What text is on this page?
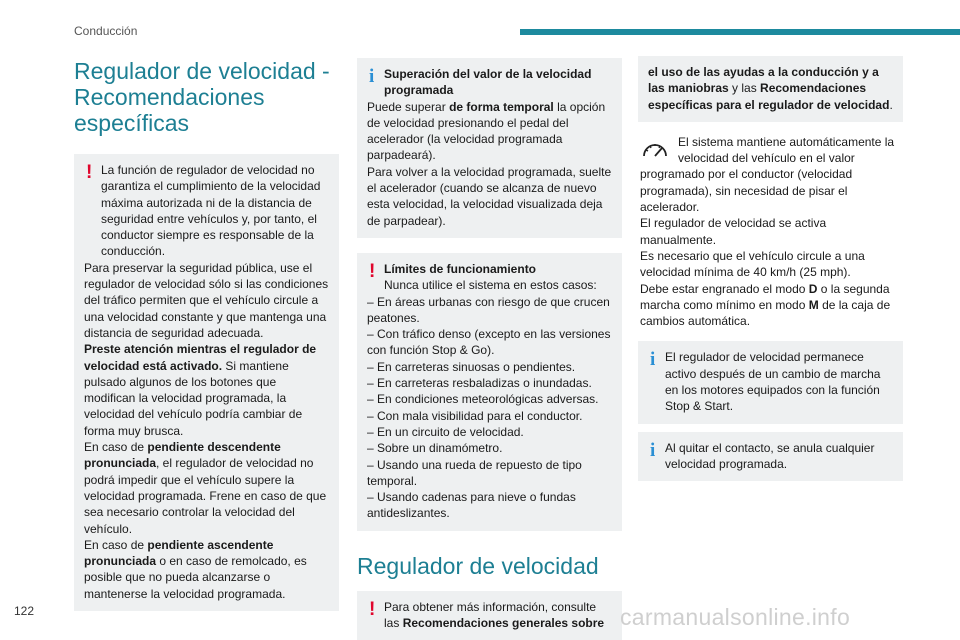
Conducción
Regulador de velocidad - Recomendaciones específicas
! La función de regulador de velocidad no garantiza el cumplimiento de la velocidad máxima autorizada ni de la distancia de seguridad entre vehículos y, por tanto, el conductor siempre es responsable de la conducción.

Para preservar la seguridad pública, use el regulador de velocidad sólo si las condiciones del tráfico permiten que el vehículo circule a una velocidad constante y que mantenga una distancia de seguridad adecuada.

Preste atención mientras el regulador de velocidad está activado. Si mantiene pulsado algunos de los botones que modifican la velocidad programada, la velocidad del vehículo podría cambiar de forma muy brusca.

En caso de pendiente descendente pronunciada, el regulador de velocidad no podrá impedir que el vehículo supere la velocidad programada. Frene en caso de que sea necesario controlar la velocidad del vehículo.

En caso de pendiente ascendente pronunciada o en caso de remolcado, es posible que no pueda alcanzarse o mantenerse la velocidad programada.

i Superación del valor de la velocidad programada

Puede superar de forma temporal la opción de velocidad presionando el pedal del acelerador (la velocidad programada parpadeará).

Para volver a la velocidad programada, suelte el acelerador (cuando se alcanza de nuevo esta velocidad, la velocidad visualizada deja de parpadear).

! Límites de funcionamiento

Nunca utilice el sistema en estos casos:

– En áreas urbanas con riesgo de que crucen peatones.

– Con tráfico denso (excepto en las versiones con función Stop & Go).

– En carreteras sinuosas o pendientes.

– En carreteras resbaladizas o inundadas.

– En condiciones meteorológicas adversas.

– Con mala visibilidad para el conductor.

– En un circuito de velocidad.

– Sobre un dinamómetro.

– Usando una rueda de repuesto de tipo temporal.

– Usando cadenas para nieve o fundas antideslizantes.

Regulador de velocidad
! Para obtener más información, consulte las Recomendaciones generales sobre

el uso de las ayudas a la conducción y a las maniobras y las Recomendaciones específicas para el regulador de velocidad.

El sistema mantiene automáticamente la velocidad del vehículo en el valor programado por el conductor (velocidad programada), sin necesidad de pisar el acelerador.

El regulador de velocidad se activa manualmente.

Es necesario que el vehículo circule a una velocidad mínima de 40 km/h (25 mph).

Debe estar engranado el modo D o la segunda marcha como mínimo en modo M de la caja de cambios automática.

i El regulador de velocidad permanece activo después de un cambio de marcha en los motores equipados con la función Stop & Start.

i Al quitar el contacto, se anula cualquier velocidad programada.

122	carmanualsonline.info
